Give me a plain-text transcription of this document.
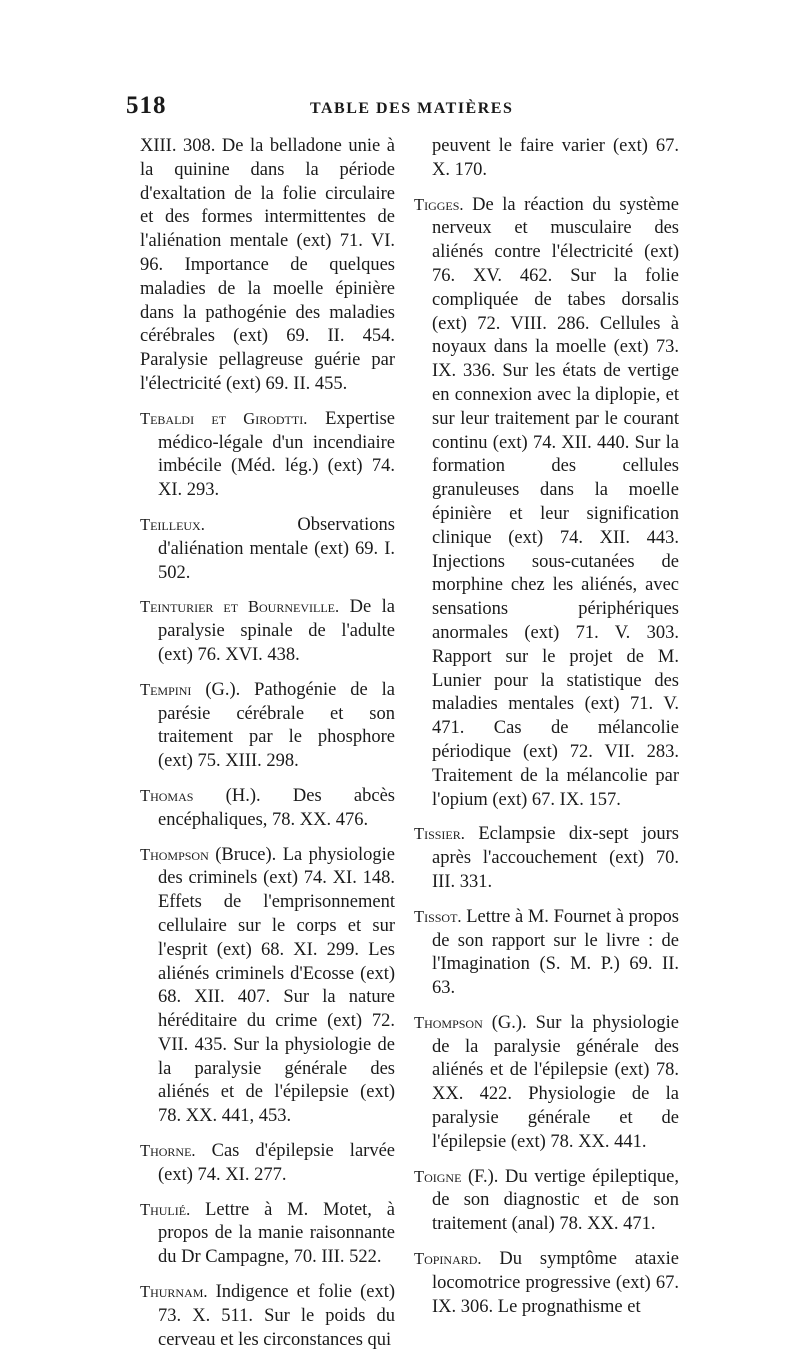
518	TABLE DES MATIÈRES

XIII. 308. De la belladone unie à la quinine dans la période d'exaltation de la folie circulaire et des formes intermittentes de l'aliénation mentale (ext) 71. VI. 96. Importance de quelques maladies de la moelle épinière dans la pathogénie des maladies cérébrales (ext) 69. II. 454. Paralysie pellagreuse guérie par l'électricité (ext) 69. II. 455.

Tebaldi et Girodtti. Expertise médico-légale d'un incendiaire imbécile (Méd. lég.) (ext) 74. XI. 293.

Teilleux. Observations d'aliénation mentale (ext) 69. I. 502.

Teinturier et Bourneville. De la paralysie spinale de l'adulte (ext) 76. XVI. 438.

Tempini (G.). Pathogénie de la parésie cérébrale et son traitement par le phosphore (ext) 75. XIII. 298.

Thomas (H.). Des abcès encéphaliques, 78. XX. 476.

Thompson (Bruce). La physiologie des criminels (ext) 74. XI. 148. Effets de l'emprisonnement cellulaire sur le corps et sur l'esprit (ext) 68. XI. 299. Les aliénés criminels d'Ecosse (ext) 68. XII. 407. Sur la nature héréditaire du crime (ext) 72. VII. 435. Sur la physiologie de la paralysie générale des aliénés et de l'épilepsie (ext) 78. XX. 441, 453.

Thorne. Cas d'épilepsie larvée (ext) 74. XI. 277.

Thulié. Lettre à M. Motet, à propos de la manie raisonnante du Dr Campagne, 70. III. 522.

Thurnam. Indigence et folie (ext) 73. X. 511. Sur le poids du cerveau et les circonstances qui

peuvent le faire varier (ext) 67. X. 170.

Tigges. De la réaction du système nerveux et musculaire des aliénés contre l'électricité (ext) 76. XV. 462. Sur la folie compliquée de tabes dorsalis (ext) 72. VIII. 286. Cellules à noyaux dans la moelle (ext) 73. IX. 336. Sur les états de vertige en connexion avec la diplopie, et sur leur traitement par le courant continu (ext) 74. XII. 440. Sur la formation des cellules granuleuses dans la moelle épinière et leur signification clinique (ext) 74. XII. 443. Injections sous-cutanées de morphine chez les aliénés, avec sensations périphériques anormales (ext) 71. V. 303. Rapport sur le projet de M. Lunier pour la statistique des maladies mentales (ext) 71. V. 471. Cas de mélancolie périodique (ext) 72. VII. 283. Traitement de la mélancolie par l'opium (ext) 67. IX. 157.

Tissier. Eclampsie dix-sept jours après l'accouchement (ext) 70. III. 331.

Tissot. Lettre à M. Fournet à propos de son rapport sur le livre : de l'Imagination (S. M. P.) 69. II. 63.

Thompson (G.). Sur la physiologie de la paralysie générale des aliénés et de l'épilepsie (ext) 78. XX. 422. Physiologie de la paralysie générale et de l'épilepsie (ext) 78. XX. 441.

Toigne (F.). Du vertige épileptique, de son diagnostic et de son traitement (anal) 78. XX. 471.

Topinard. Du symptôme ataxie locomotrice progressive (ext) 67. IX. 306. Le prognathisme et
